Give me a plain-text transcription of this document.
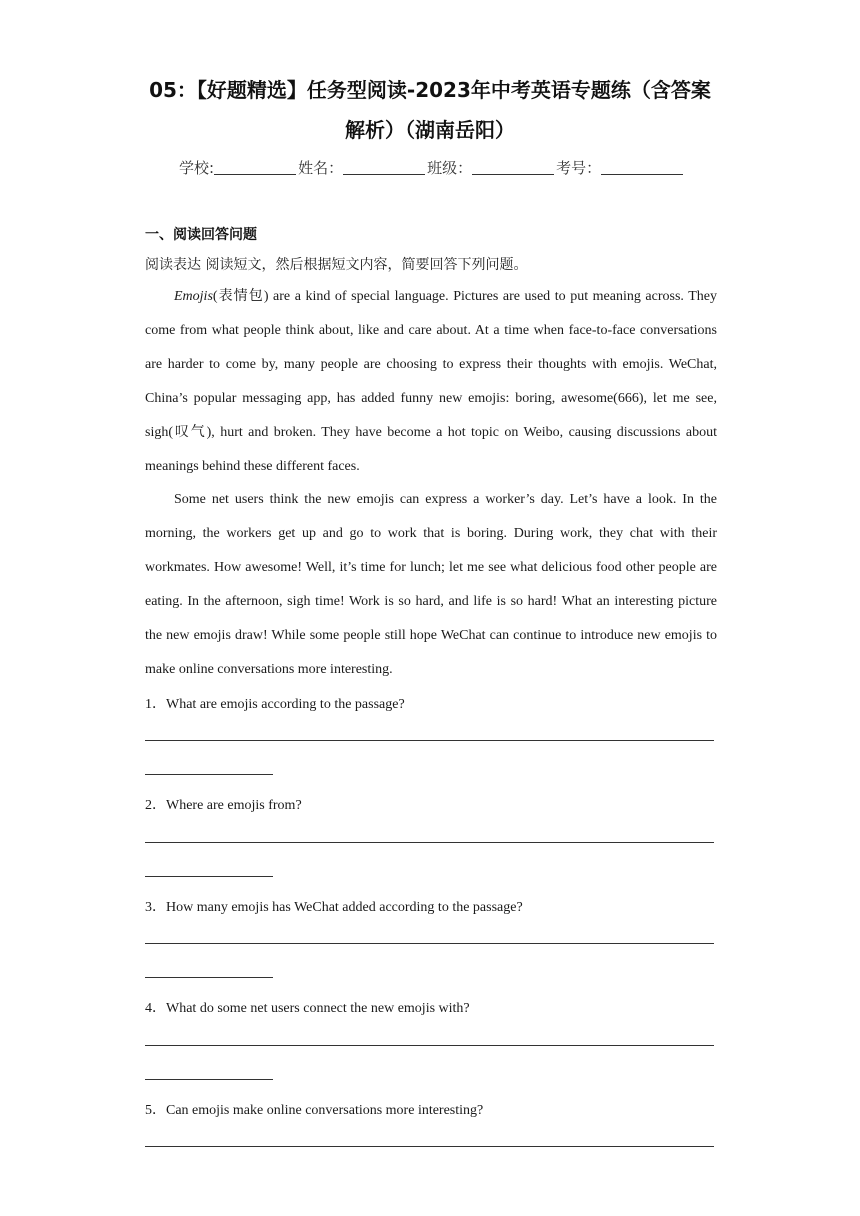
05：【好题精选】任务型阅读-2023年中考英语专题练（含答案解析）（湖南岳阳）
学校:	姓名：	班级：	考号：
一、阅读回答问题
阅读表达 阅读短文，然后根据短文内容，简要回答下列问题。

Emojis(表情包) are a kind of special language. Pictures are used to put meaning across. They come from what people think about, like and care about. At a time when face-to-face conversations are harder to come by, many people are choosing to express their thoughts with emojis. WeChat, China’s popular messaging app, has added funny new emojis: boring, awesome(666), let me see, sigh(叹气), hurt and broken. They have become a hot topic on Weibo, causing discussions about meanings behind these different faces.

Some net users think the new emojis can express a worker’s day. Let’s have a look. In the morning, the workers get up and go to work that is boring. During work, they chat with their workmates. How awesome! Well, it’s time for lunch; let me see what delicious food other people are eating. In the afternoon, sigh time! Work is so hard, and life is so hard! What an interesting picture the new emojis draw! While some people still hope WeChat can continue to introduce new emojis to make online conversations more interesting.

1．What are emojis according to the passage?
2．Where are emojis from?
3．How many emojis has WeChat added according to the passage?
4．What do some net users connect the new emojis with?
5．Can emojis make online conversations more interesting?
